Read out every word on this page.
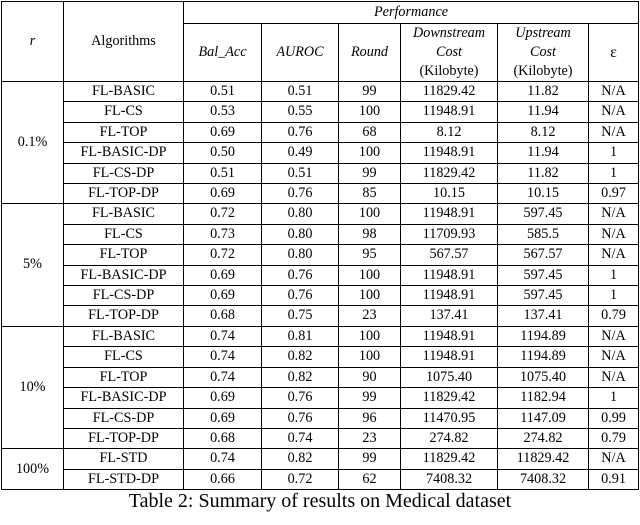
r	Algorithms	Performance					
		Bal_Acc	AUROC	Round	Downstream	Upstream	ε
					Cost	Cost	
					(Kilobyte)	(Kilobyte)	
0.1%	FL-BASIC	0.51	0.51	99	11829.42	11.82	N/A
	FL-CS	0.53	0.55	100	11948.91	11.94	N/A
	FL-TOP	0.69	0.76	68	8.12	8.12	N/A
	FL-BASIC-DP	0.50	0.49	100	11948.91	11.94	1
	FL-CS-DP	0.51	0.51	99	11829.42	11.82	1
	FL-TOP-DP	0.69	0.76	85	10.15	10.15	0.97
5%	FL-BASIC	0.72	0.80	100	11948.91	597.45	N/A
	FL-CS	0.73	0.80	98	11709.93	585.5	N/A
	FL-TOP	0.72	0.80	95	567.57	567.57	N/A
	FL-BASIC-DP	0.69	0.76	100	11948.91	597.45	1
	FL-CS-DP	0.69	0.76	100	11948.91	597.45	1
	FL-TOP-DP	0.68	0.75	23	137.41	137.41	0.79
10%	FL-BASIC	0.74	0.81	100	11948.91	1194.89	N/A
	FL-CS	0.74	0.82	100	11948.91	1194.89	N/A
	FL-TOP	0.74	0.82	90	1075.40	1075.40	N/A
	FL-BASIC-DP	0.69	0.76	99	11829.42	1182.94	1
	FL-CS-DP	0.69	0.76	96	11470.95	1147.09	0.99
	FL-TOP-DP	0.68	0.74	23	274.82	274.82	0.79
100%	FL-STD	0.74	0.82	99	11829.42	11829.42	N/A
	FL-STD-DP	0.66	0.72	62	7408.32	7408.32	0.91
Table 2: Summary of results on Medical dataset
